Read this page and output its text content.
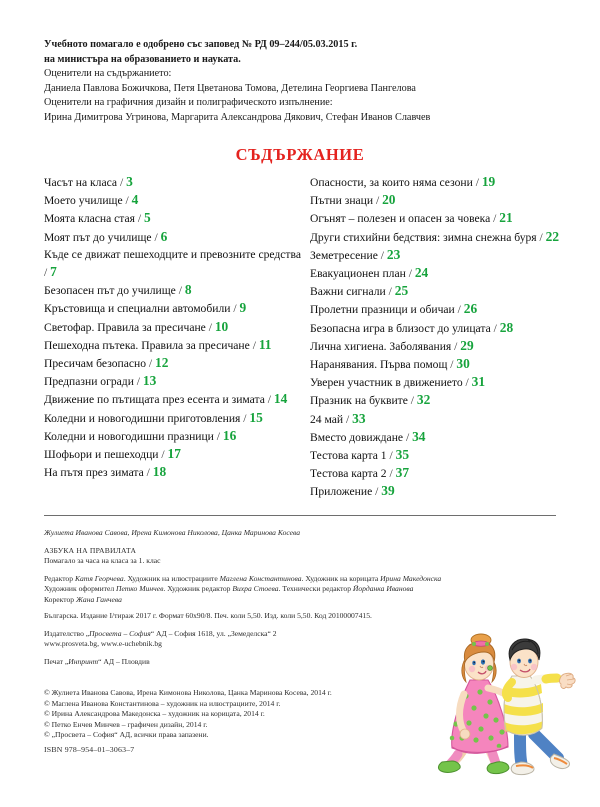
Учебното помагало е одобрено със заповед № РД 09–244/05.03.2015 г.
на министъра на образованието и науката.
Оценители на съдържанието:
Даниела Павлова Божичкова, Петя Цветанова Томова, Детелина Георгиева Пангелова
Оценители на графичния дизайн и полиграфическото изпълнение:
Ирина Димитрова Угринова, Маргарита Александрова Дякович, Стефан Иванов Славчев
СЪДЪРЖАНИЕ
Часът на класа / 3
Моето училище / 4
Моята класна стая / 5
Моят път до училище / 6
Къде се движат пешеходците и превозните средства / 7
Безопасен път до училище / 8
Кръстовища и специални автомобили / 9
Светофар. Правила за пресичане / 10
Пешеходна пътека. Правила за пресичане / 11
Пресичам безопасно / 12
Предпазни огради / 13
Движение по пътищата през есента и зимата / 14
Коледни и новогодишни приготовления / 15
Коледни и новогодишни празници / 16
Шофьори и пешеходци / 17
На пътя през зимата / 18
Опасности, за които няма сезони / 19
Пътни знаци / 20
Огънят – полезен и опасен за човека / 21
Други стихийни бедствия: зимна снежна буря / 22
Земетресение / 23
Евакуационен план / 24
Важни сигнали / 25
Пролетни празници и обичаи / 26
Безопасна игра в близост до улицата / 28
Лична хигиена. Заболявания / 29
Наранявания. Първа помощ / 30
Уверен участник в движението / 31
Празник на буквите / 32
24 май / 33
Вместо довиждане / 34
Тестова карта 1 / 35
Тестова карта 2 / 37
Приложение / 39
Жулиета Иванова Савова, Ирена Кимонова Николова, Цанка Маринова Косева
АЗБУКА НА ПРАВИЛАТА
Помагало за часа на класа за 1. клас
Редактор Катя Георчева. Художник на илюстрациите Маглена Константинова. Художник на корицата Ирина Македонска
Художник оформител Петко Минчев. Художник редактор Вихра Стоева. Технически редактор Йорданка Иванова
Коректор Жана Ганчева
Българска. Издание I/тираж 2017 г. Формат 60х90/8. Печ. коли 5,50. Изд. коли 5,50. Код 20100007415.
Издателство „Просвета – София“ АД – София 1618, ул. „Земеделска“ 2
www.prosveta.bg, www.e-uchebnik.bg
Печат „Инпринт“ АД – Пловдив
© Жулиета Иванова Савова, Ирена Кимонова Николова, Цанка Маринова Косева, 2014 г.
© Маглена Иванова Константинова – художник на илюстрациите, 2014 г.
© Ирина Александрова Македонска – художник на корицата, 2014 г.
© Петко Енчев Минчев – графичен дизайн, 2014 г.
© „Просвета – София“ АД, всички права запазени.
ISBN 978–954–01–3063–7
